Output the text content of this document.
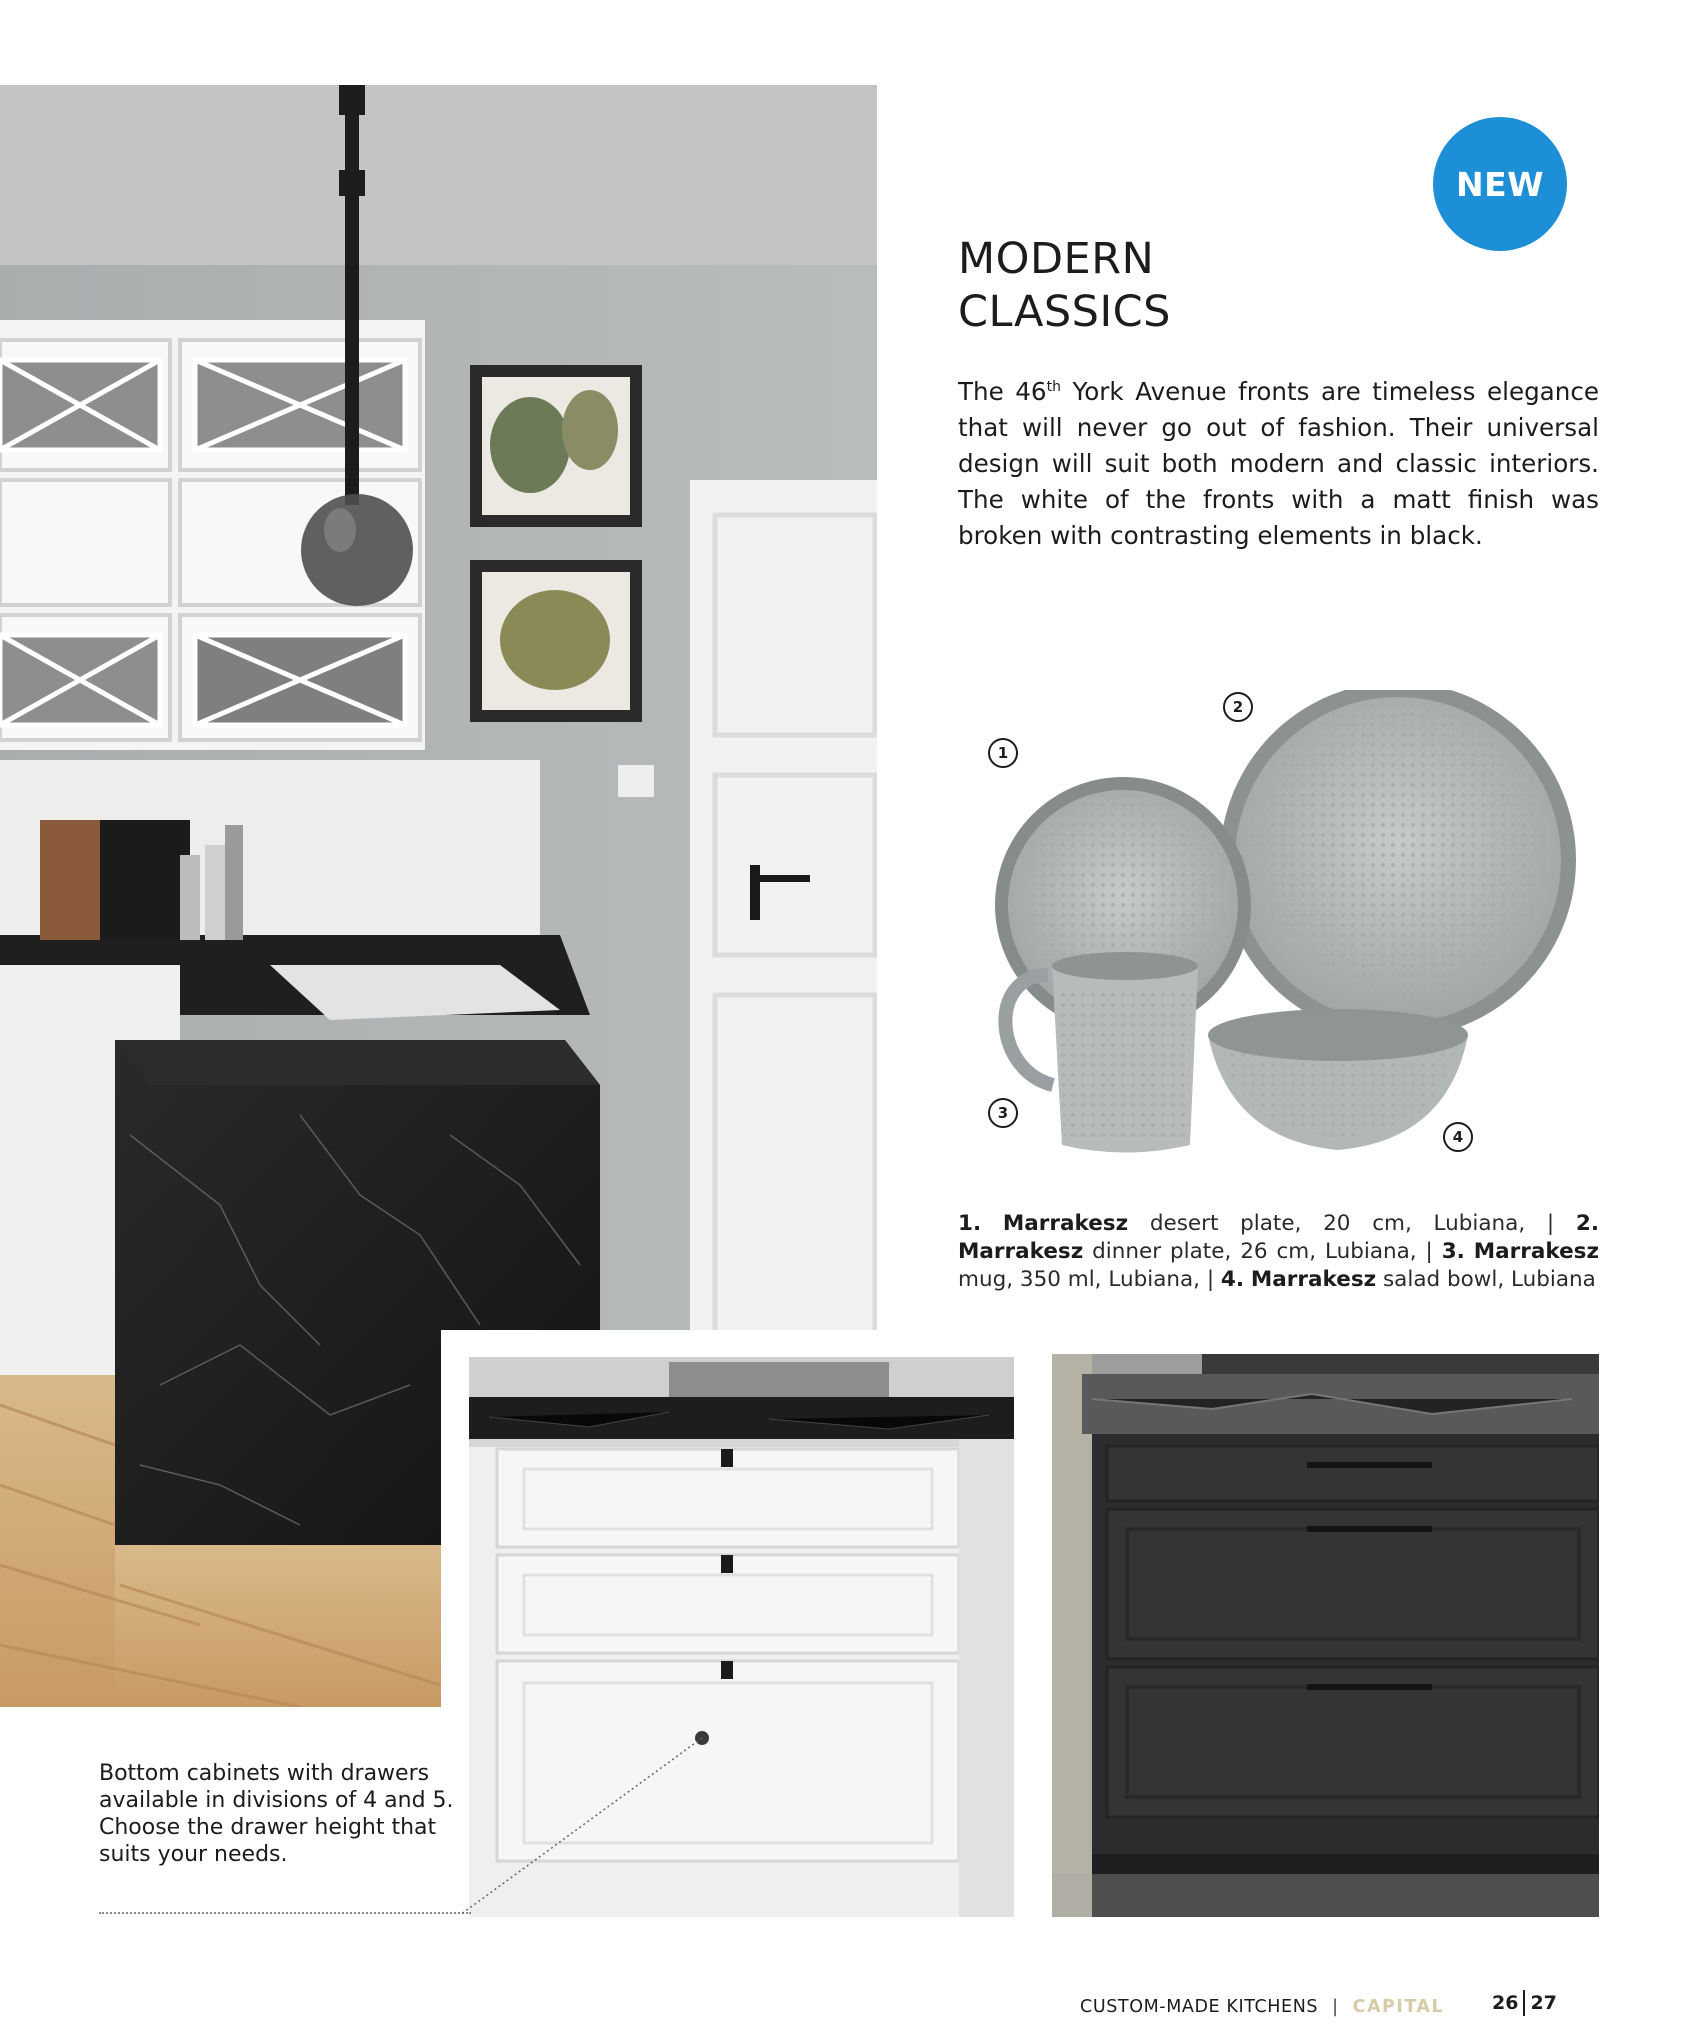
NEW
MODERN
CLASSICS

The 46th York Avenue fronts are timeless elegance that will never go out of fashion. Their universal design will suit both modern and classic interiors. The white of the fronts with a matt finish was broken with contrasting elements in black.

1
2
3
4

1. Marrakesz desert plate, 20 cm, Lubiana, | 2. Marrakesz dinner plate, 26 cm, Lubiana, | 3. Marrakesz mug, 350 ml, Lubiana, | 4. Marrakesz salad bowl, Lubiana

Bottom cabinets with drawers available in divisions of 4 and 5. Choose the drawer height that suits your needs.

CUSTOM-MADE KITCHENS | CAPITAL	26 27
